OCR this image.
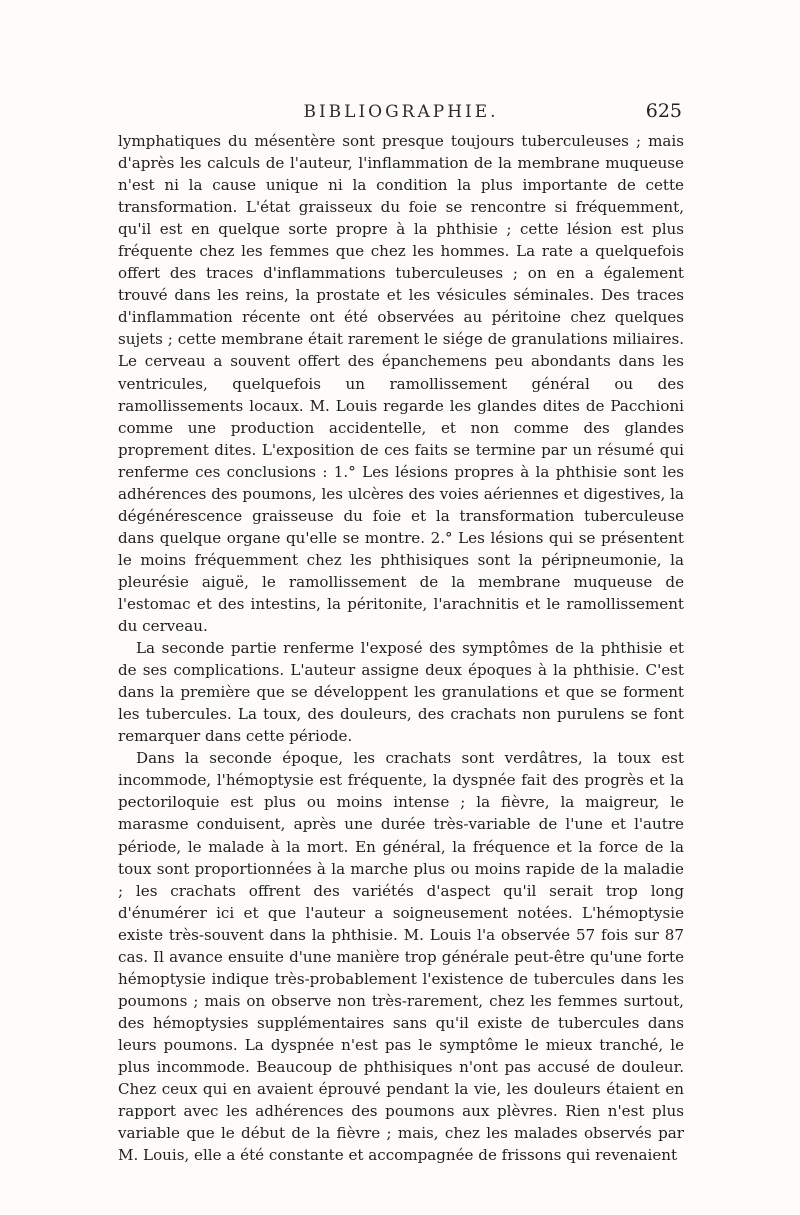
BIBLIOGRAPHIE.	625

lymphatiques du mésentère sont presque toujours tuberculeuses ; mais d'après les calculs de l'auteur, l'inflammation de la membrane muqueuse n'est ni la cause unique ni la condition la plus importante de cette transformation. L'état graisseux du foie se rencontre si fréquemment, qu'il est en quelque sorte propre à la phthisie ; cette lésion est plus fréquente chez les femmes que chez les hommes. La rate a quelquefois offert des traces d'inflammations tuberculeuses ; on en a également trouvé dans les reins, la prostate et les vésicules séminales. Des traces d'inflammation récente ont été observées au péritoine chez quelques sujets ; cette membrane était rarement le siége de granulations miliaires. Le cerveau a souvent offert des épanchemens peu abondants dans les ventricules, quelquefois un ramollissement général ou des ramollissements locaux. M. Louis regarde les glandes dites de Pacchioni comme une production accidentelle, et non comme des glandes proprement dites. L'exposition de ces faits se termine par un résumé qui renferme ces conclusions : 1.° Les lésions propres à la phthisie sont les adhérences des poumons, les ulcères des voies aériennes et digestives, la dégénérescence graisseuse du foie et la transformation tuberculeuse dans quelque organe qu'elle se montre. 2.° Les lésions qui se présentent le moins fréquemment chez les phthisiques sont la péripneumonie, la pleurésie aiguë, le ramollissement de la membrane muqueuse de l'estomac et des intestins, la péritonite, l'arachnitis et le ramollissement du cerveau.

La seconde partie renferme l'exposé des symptômes de la phthisie et de ses complications. L'auteur assigne deux époques à la phthisie. C'est dans la première que se développent les granulations et que se forment les tubercules. La toux, des douleurs, des crachats non purulens se font remarquer dans cette période.

Dans la seconde époque, les crachats sont verdâtres, la toux est incommode, l'hémoptysie est fréquente, la dyspnée fait des progrès et la pectoriloquie est plus ou moins intense ; la fièvre, la maigreur, le marasme conduisent, après une durée très-variable de l'une et l'autre période, le malade à la mort. En général, la fréquence et la force de la toux sont proportionnées à la marche plus ou moins rapide de la maladie ; les crachats offrent des variétés d'aspect qu'il serait trop long d'énumérer ici et que l'auteur a soigneusement notées. L'hémoptysie existe très-souvent dans la phthisie. M. Louis l'a observée 57 fois sur 87 cas. Il avance ensuite d'une manière trop générale peut-être qu'une forte hémoptysie indique très-probablement l'existence de tubercules dans les poumons ; mais on observe non très-rarement, chez les femmes surtout, des hémoptysies supplémentaires sans qu'il existe de tubercules dans leurs poumons. La dyspnée n'est pas le symptôme le mieux tranché, le plus incommode. Beaucoup de phthisiques n'ont pas accusé de douleur. Chez ceux qui en avaient éprouvé pendant la vie, les douleurs étaient en rapport avec les adhérences des poumons aux plèvres. Rien n'est plus variable que le début de la fièvre ; mais, chez les malades observés par M. Louis, elle a été constante et accompagnée de frissons qui revenaient
